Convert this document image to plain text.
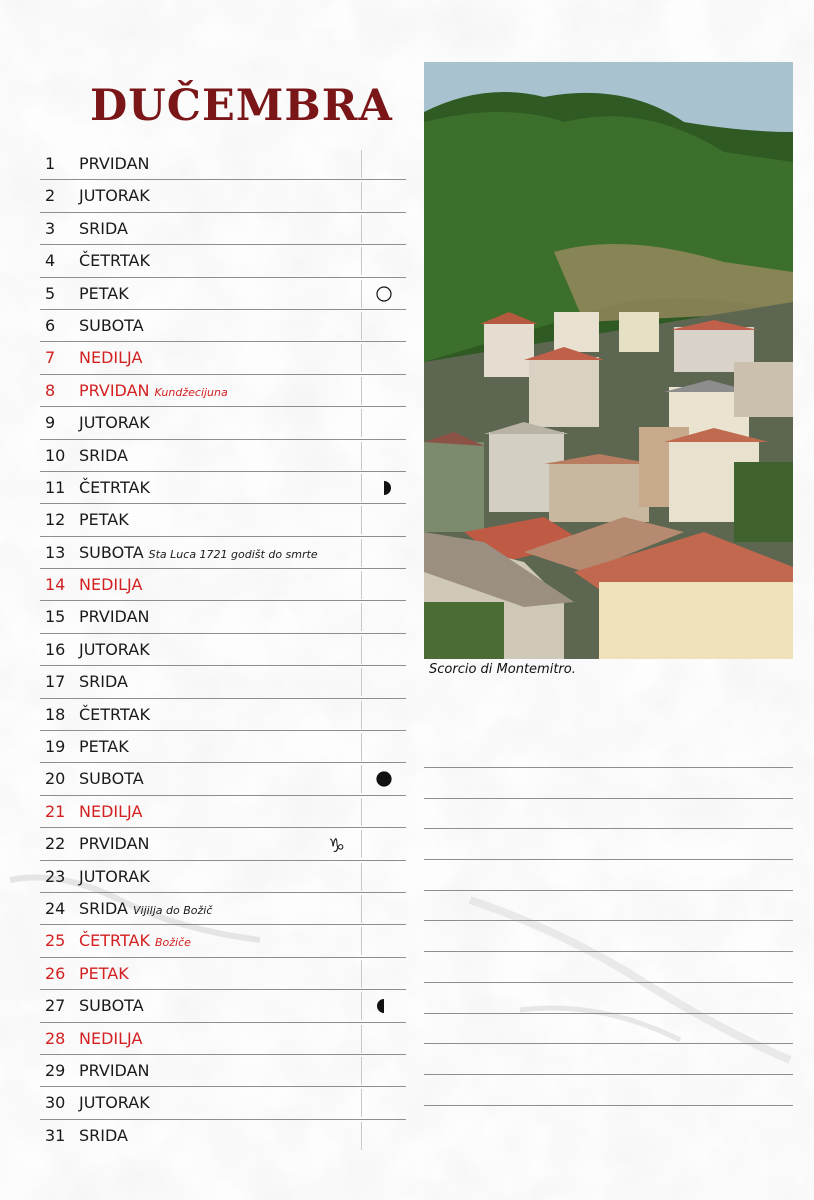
DUČEMBRA
1 PRVIDAN
2 JUTORAK
3 SRIDA
4 ČETRTAK
5 PETAK
6 SUBOTA
7 NEDILJA
8 PRVIDAN Kundžecijuna
9 JUTORAK
10 SRIDA
11 ČETRTAK
12 PETAK
13 SUBOTA Sta Luca 1721 godišt do smrte
14 NEDILJA
15 PRVIDAN
16 JUTORAK
17 SRIDA
18 ČETRTAK
19 PETAK
20 SUBOTA
21 NEDILJA
22 PRVIDAN	♑
23 JUTORAK
24 SRIDA Vijilja do Božič
25 ČETRTAK Božiče
26 PETAK
27 SUBOTA
28 NEDILJA
29 PRVIDAN
30 JUTORAK
31 SRIDA
Scorcio di Montemitro.
